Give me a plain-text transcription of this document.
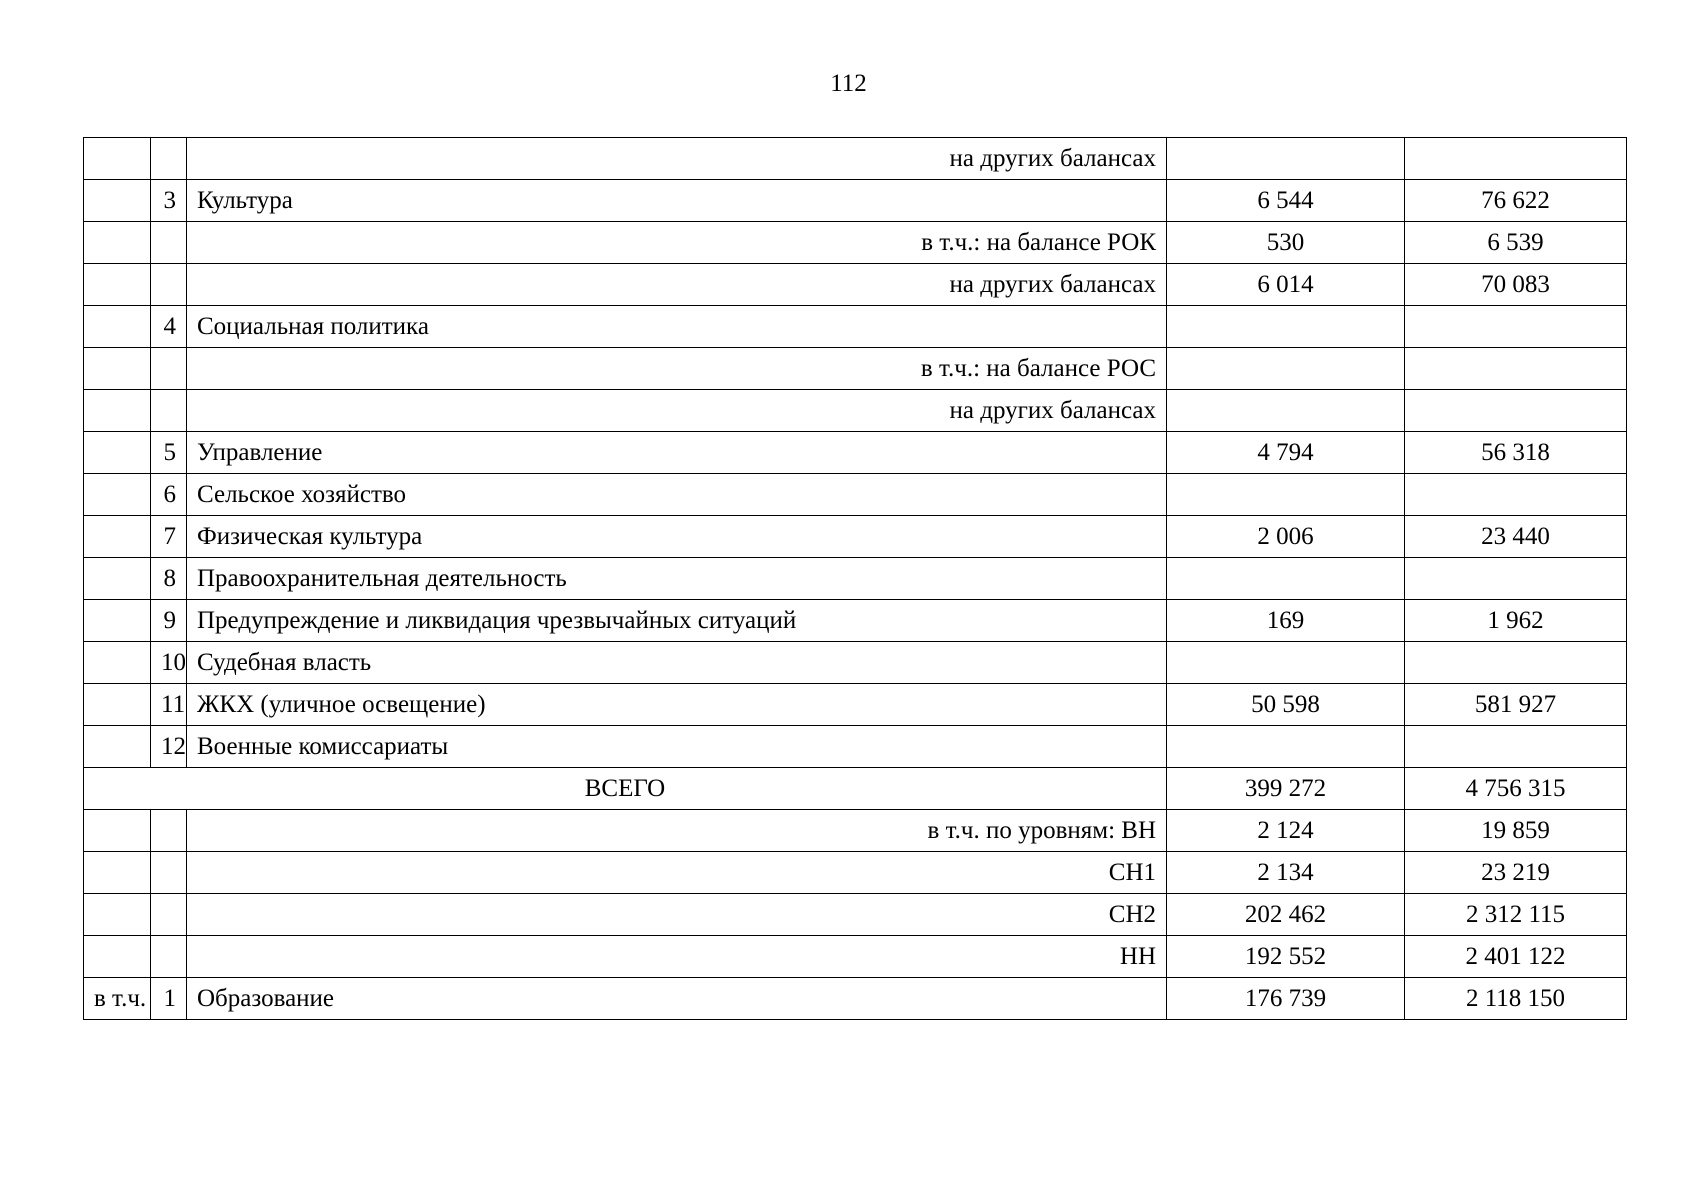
112
		на других балансах		
	3	Культура	6 544	76 622
		в т.ч.: на балансе РОК	530	6 539
		на других балансах	6 014	70 083
	4	Социальная политика		
		в т.ч.: на балансе РОС		
		на других балансах		
	5	Управление	4 794	56 318
	6	Сельское хозяйство		
	7	Физическая культура	2 006	23 440
	8	Правоохранительная деятельность		
	9	Предупреждение и ликвидация чрезвычайных ситуаций	169	1 962
	10	Судебная власть		
	11	ЖКХ (уличное освещение)	50 598	581 927
	12	Военные комиссариаты		
ВСЕГО			399 272	4 756 315
		в т.ч. по уровням: ВН	2 124	19 859
		СН1	2 134	23 219
		СН2	202 462	2 312 115
		НН	192 552	2 401 122
в т.ч.	1	Образование	176 739	2 118 150
